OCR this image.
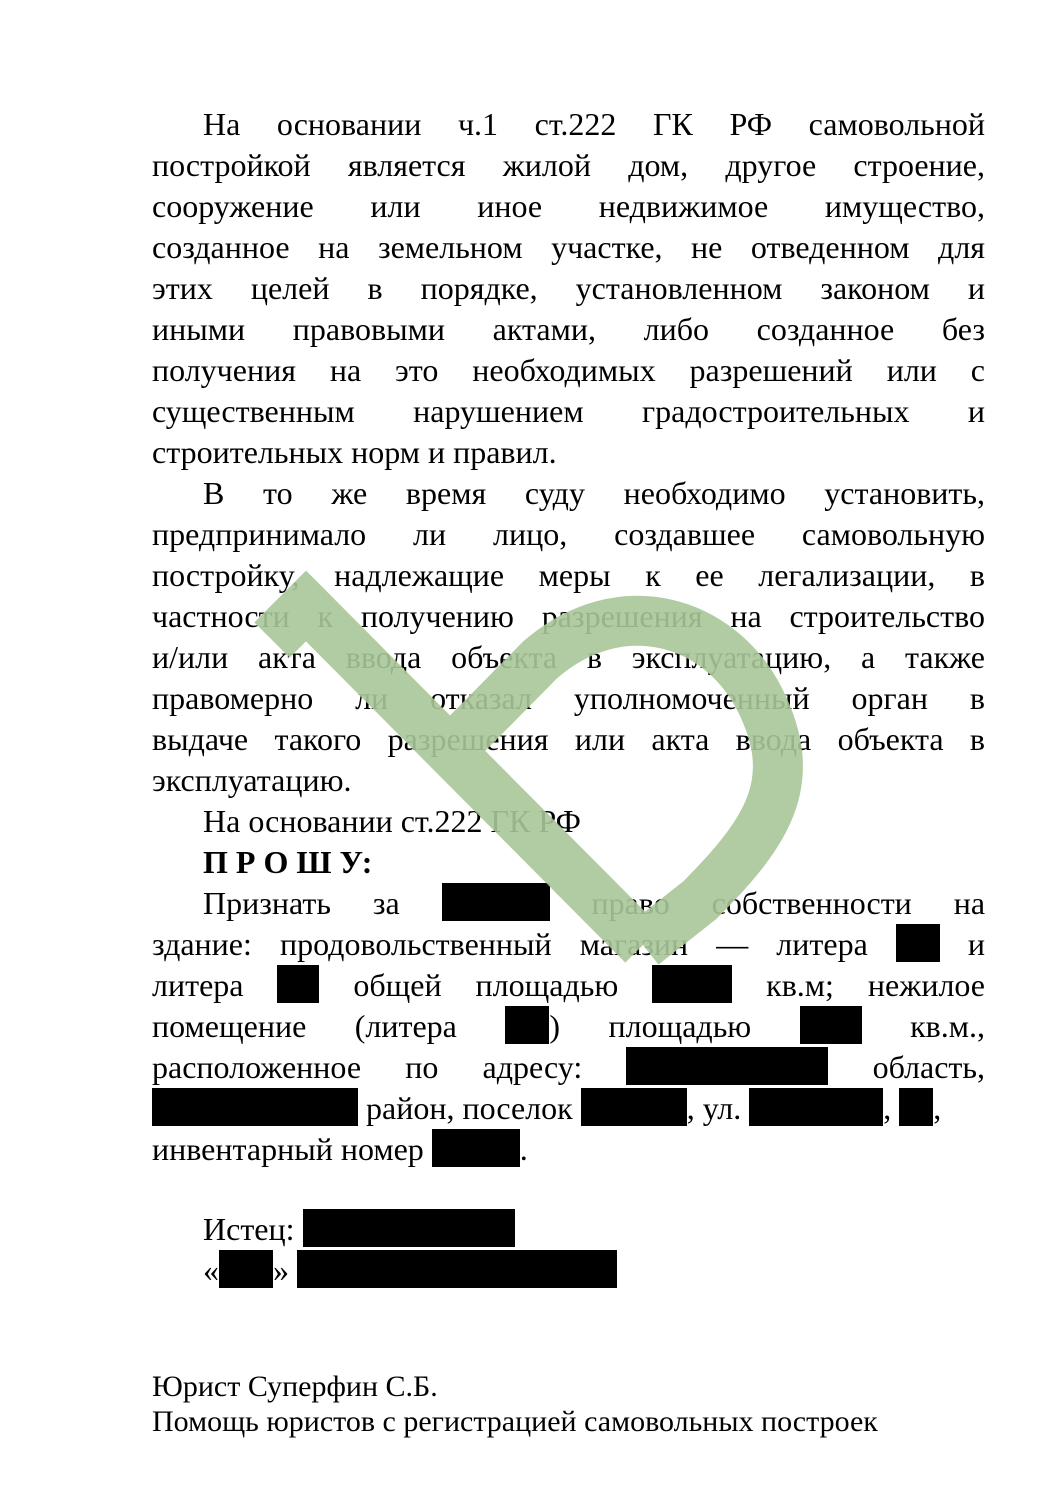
На основании ч.1 ст.222 ГК РФ самовольной
постройкой является жилой дом, другое строение,
сооружение или иное недвижимое имущество,
созданное на земельном участке, не отведенном для
этих целей в порядке, установленном законом и
иными правовыми актами, либо созданное без
получения на это необходимых разрешений или с
существенным нарушением градостроительных и
строительных норм и правил.
В то же время суду необходимо установить,
предпринимало ли лицо, создавшее самовольную
постройку, надлежащие меры к ее легализации, в
частности к получению разрешения на строительство
и/или акта ввода объекта в эксплуатацию, а также
правомерно ли отказал уполномоченный орган в
выдаче такого разрешения или акта ввода объекта в
эксплуатацию.
На основании ст.222 ГК РФ
П Р О Ш У:
Признать за	право собственности на
здание: продовольственный магазин — литера	и
литера	общей площадью	кв.м; нежилое
помещение (литера	) площадью	кв.м.,
расположенное по адресу:	область,
район, поселок	, ул.	, ,
инвентарный номер	.
Истец:
« »
Юрист Суперфин С.Б.
Помощь юристов с регистрацией самовольных построек
